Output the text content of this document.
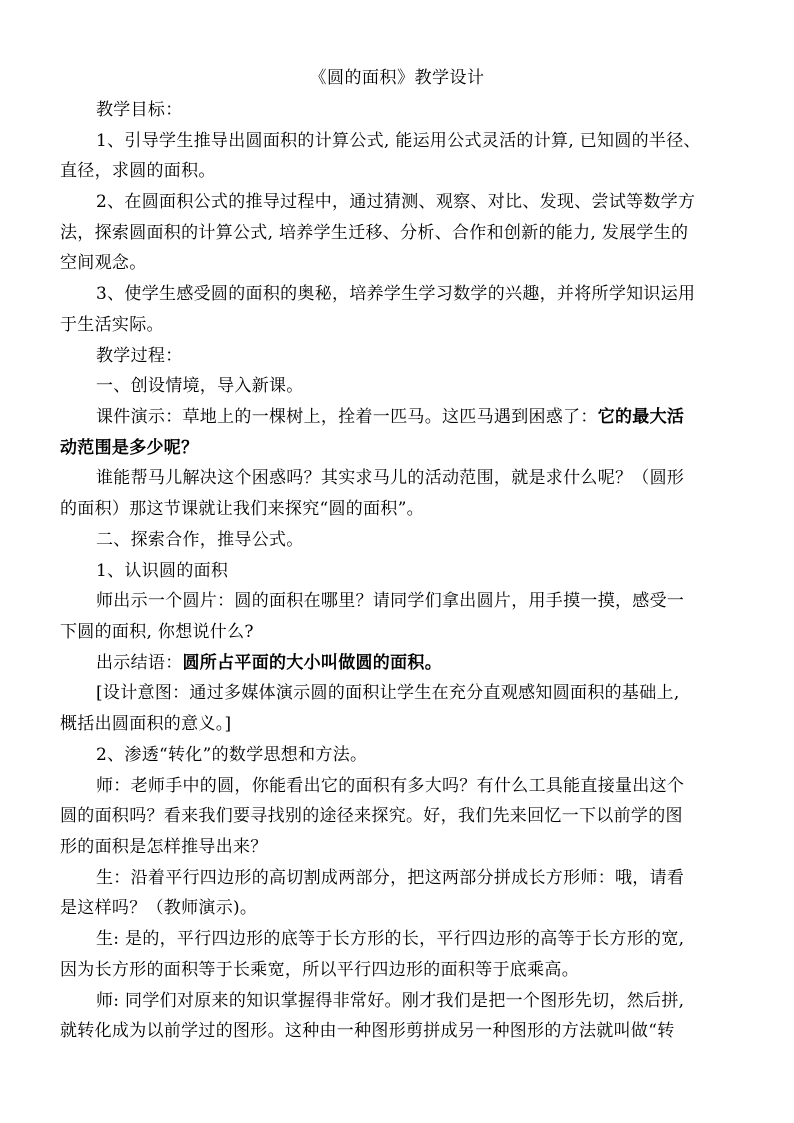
《圆的面积》教学设计
教学目标：
1、引导学生推导出圆面积的计算公式, 能运用公式灵活的计算, 已知圆的半径、
直径，求圆的面积。
2、在圆面积公式的推导过程中，通过猜测、观察、对比、发现、尝试等数学方
法，探索圆面积的计算公式, 培养学生迁移、分析、合作和创新的能力, 发展学生的
空间观念。
3、使学生感受圆的面积的奥秘，培养学生学习数学的兴趣，并将所学知识运用
于生活实际。
教学过程：
一、创设情境，导入新课。
课件演示：草地上的一棵树上，拴着一匹马。这匹马遇到困惑了：它的最大活
动范围是多少呢？
谁能帮马儿解决这个困惑吗？其实求马儿的活动范围，就是求什么呢？（圆形
的面积）那这节课就让我们来探究“圆的面积”。
二、探索合作，推导公式。
1、认识圆的面积
师出示一个圆片：圆的面积在哪里？请同学们拿出圆片，用手摸一摸，感受一
下圆的面积, 你想说什么?
出示结语：圆所占平面的大小叫做圆的面积。
[设计意图：通过多媒体演示圆的面积让学生在充分直观感知圆面积的基础上,
概括出圆面积的意义。]
2、渗透“转化”的数学思想和方法。
师：老师手中的圆，你能看出它的面积有多大吗？有什么工具能直接量出这个
圆的面积吗？看来我们要寻找别的途径来探究。好，我们先来回忆一下以前学的图
形的面积是怎样推导出来？
生：沿着平行四边形的高切割成两部分，把这两部分拼成长方形师：哦，请看
是这样吗？（教师演示)。
生: 是的，平行四边形的底等于长方形的长，平行四边形的高等于长方形的宽,
因为长方形的面积等于长乘宽，所以平行四边形的面积等于底乘高。
师: 同学们对原来的知识掌握得非常好。刚才我们是把一个图形先切，然后拼,
就转化成为以前学过的图形。这种由一种图形剪拼成另一种图形的方法就叫做“转
